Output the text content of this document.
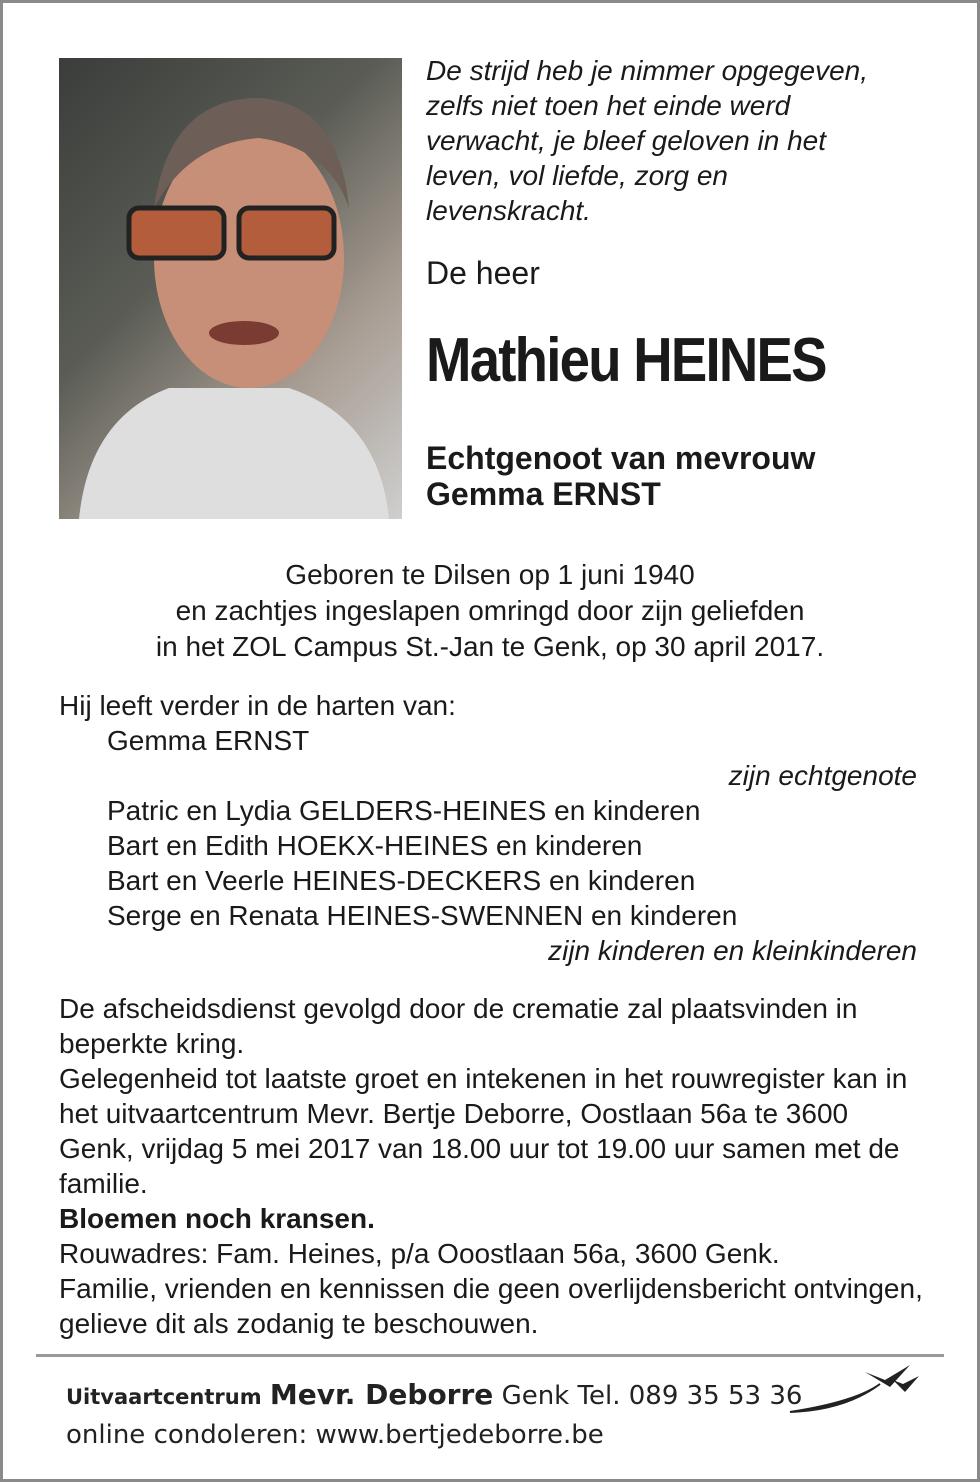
De strijd heb je nimmer opgegeven,
zelfs niet toen het einde werd
verwacht, je bleef geloven in het
leven, vol liefde, zorg en
levenskracht.
De heer
Mathieu HEINES
Echtgenoot van mevrouw
Gemma ERNST
Geboren te Dilsen op 1 juni 1940
en zachtjes ingeslapen omringd door zijn geliefden
in het ZOL Campus St.-Jan te Genk, op 30 april 2017.
Hij leeft verder in de harten van:
Gemma ERNST
zijn echtgenote
Patric en Lydia GELDERS-HEINES en kinderen
Bart en Edith HOEKX-HEINES en kinderen
Bart en Veerle HEINES-DECKERS en kinderen
Serge en Renata HEINES-SWENNEN en kinderen
zijn kinderen en kleinkinderen
De afscheidsdienst gevolgd door de crematie zal plaatsvinden in beperkte kring.
Gelegenheid tot laatste groet en intekenen in het rouwregister kan in het uitvaartcentrum Mevr. Bertje Deborre, Oostlaan 56a te 3600 Genk, vrijdag 5 mei 2017 van 18.00 uur tot 19.00 uur samen met de familie.
Bloemen noch kransen.
Rouwadres: Fam. Heines, p/a Ooostlaan 56a, 3600 Genk.
Familie, vrienden en kennissen die geen overlijdensbericht ontvingen, gelieve dit als zodanig te beschouwen.
Uitvaartcentrum Mevr. Deborre Genk Tel. 089 35 53 36
online condoleren: www.bertjedeborre.be
